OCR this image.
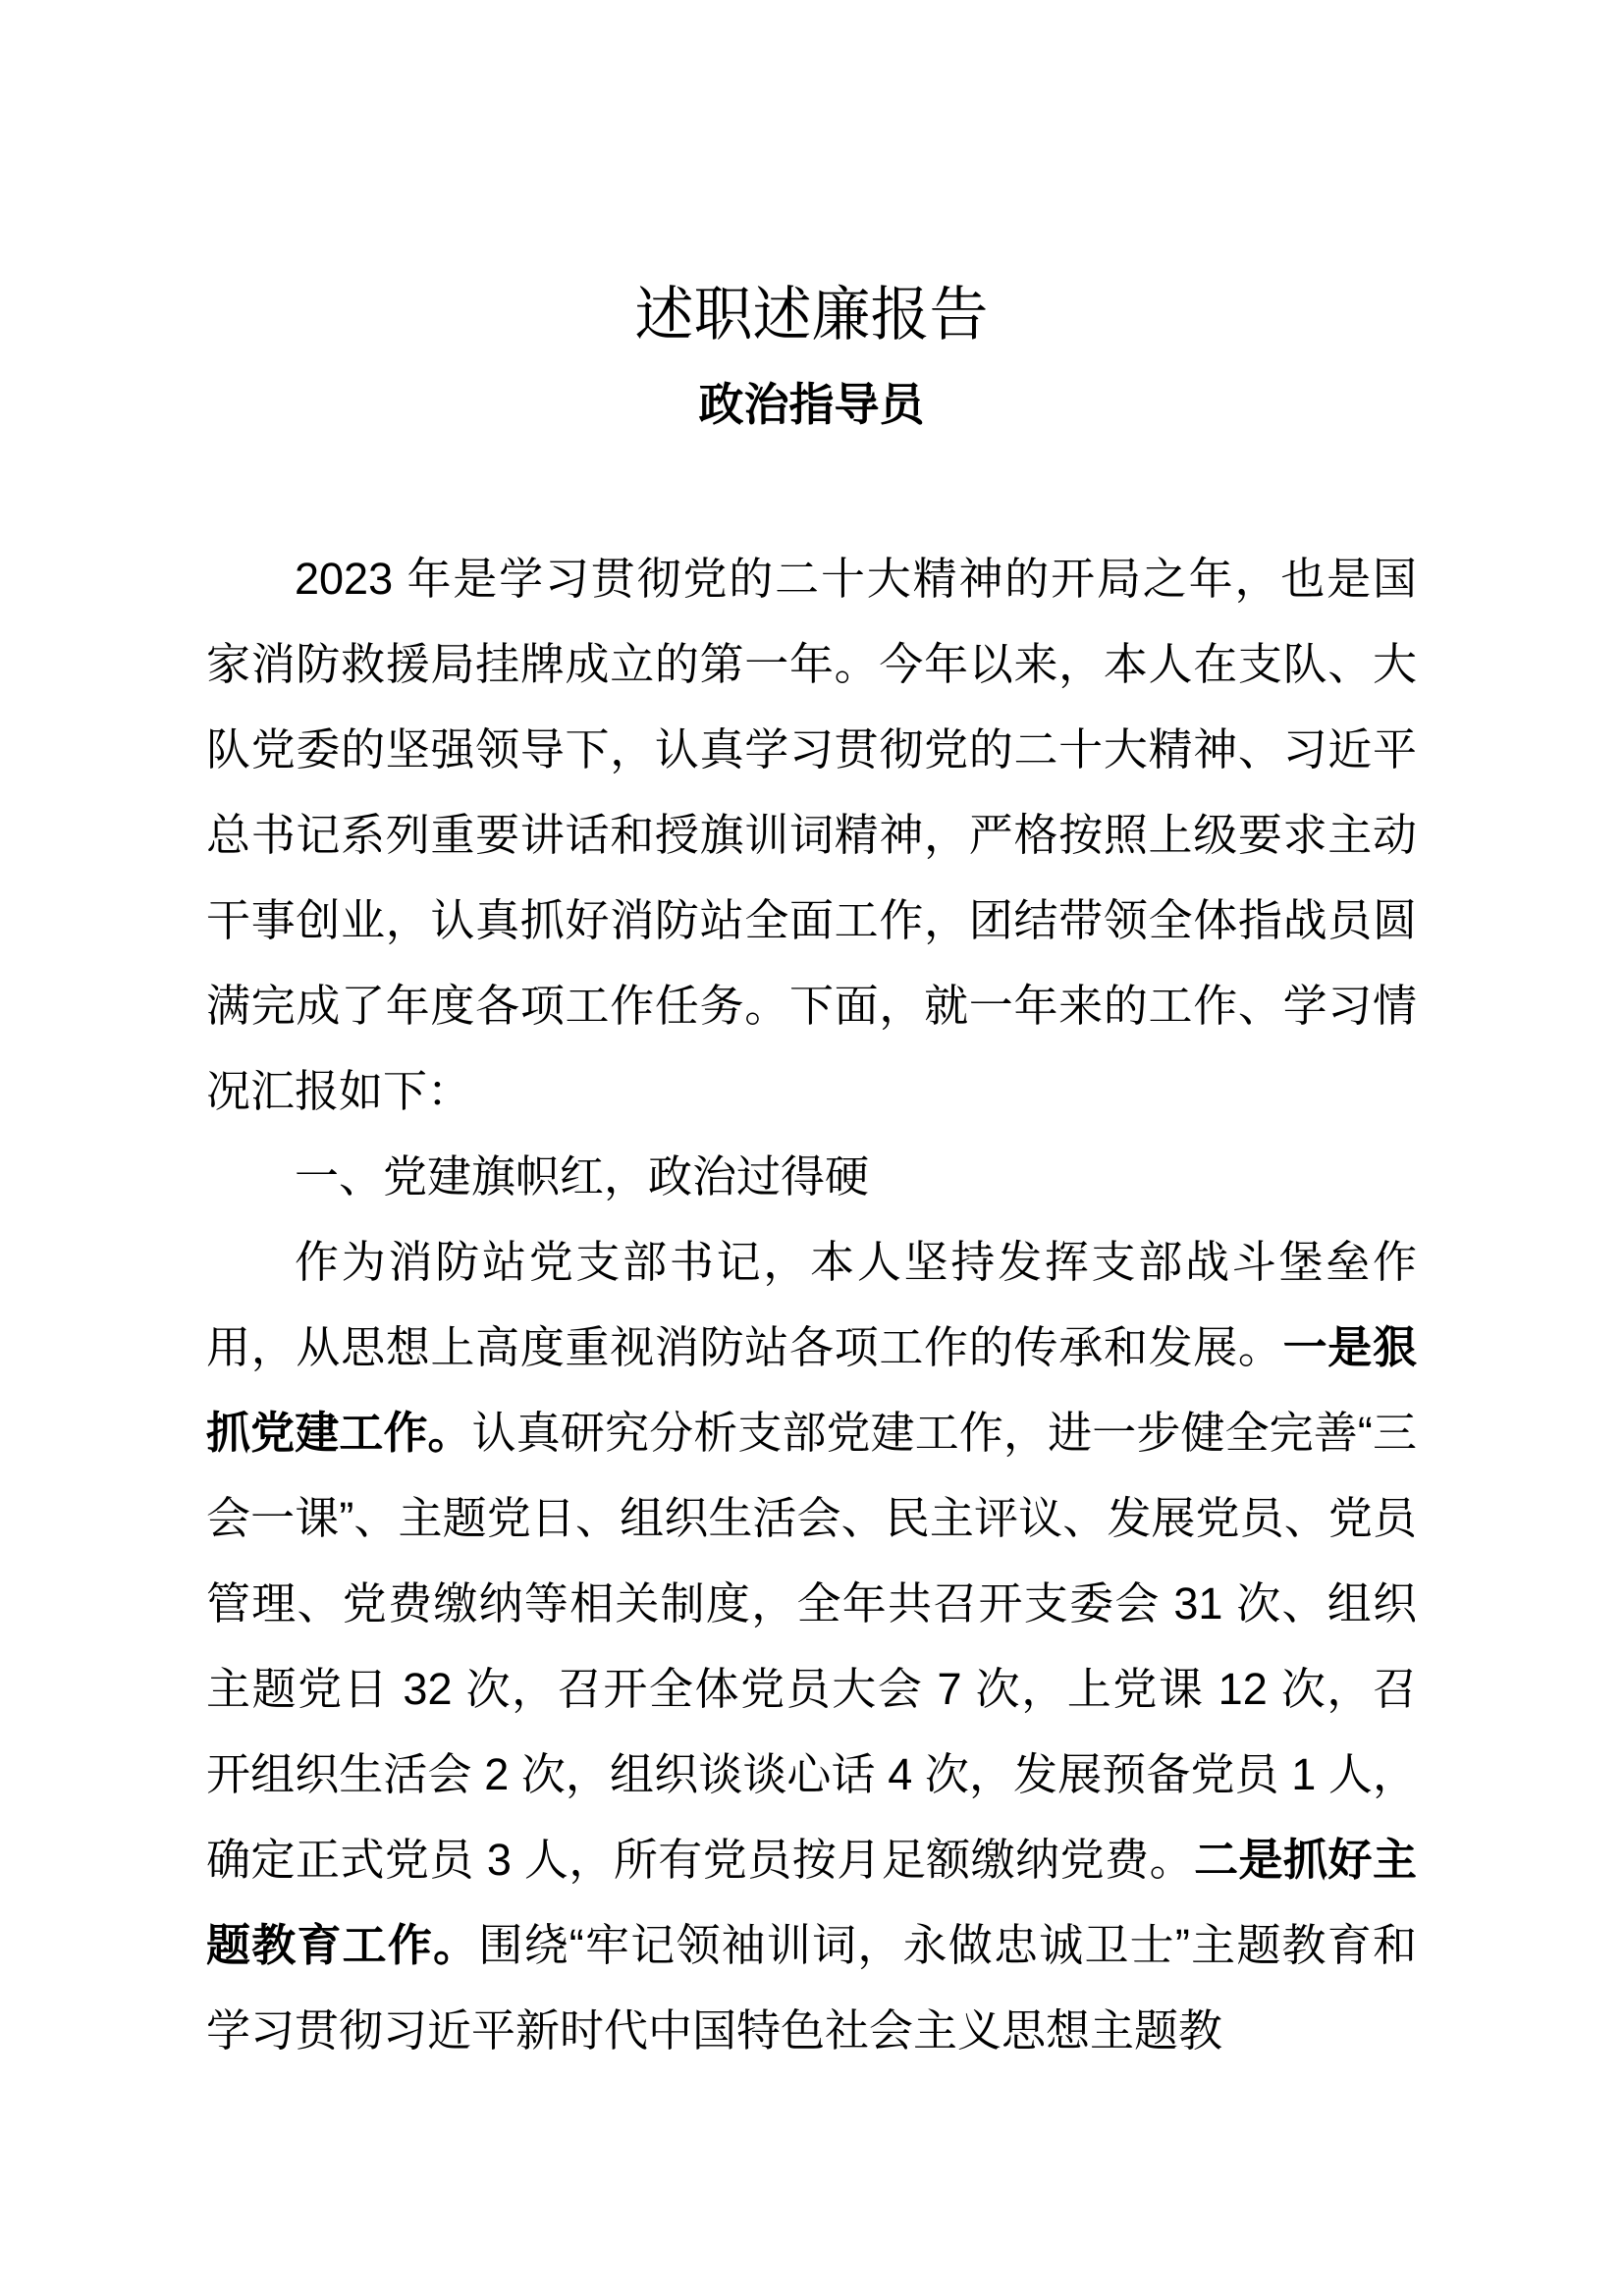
述职述廉报告
政治指导员

2023 年是学习贯彻党的二十大精神的开局之年，也是国家消防救援局挂牌成立的第一年。今年以来，本人在支队、大队党委的坚强领导下，认真学习贯彻党的二十大精神、习近平总书记系列重要讲话和授旗训词精神，严格按照上级要求主动干事创业，认真抓好消防站全面工作，团结带领全体指战员圆满完成了年度各项工作任务。下面，就一年来的工作、学习情况汇报如下：

一、党建旗帜红，政治过得硬

作为消防站党支部书记，本人坚持发挥支部战斗堡垒作用，从思想上高度重视消防站各项工作的传承和发展。一是狠抓党建工作。认真研究分析支部党建工作，进一步健全完善“三会一课”、主题党日、组织生活会、民主评议、发展党员、党员管理、党费缴纳等相关制度，全年共召开支委会 31 次、组织主题党日 32 次，召开全体党员大会 7 次，上党课 12 次，召开组织生活会 2 次，组织谈谈心话 4 次，发展预备党员 1 人，确定正式党员 3 人，所有党员按月足额缴纳党费。二是抓好主题教育工作。围绕“牢记领袖训词，永做忠诚卫士”主题教育和学习贯彻习近平新时代中国特色社会主义思想主题教
